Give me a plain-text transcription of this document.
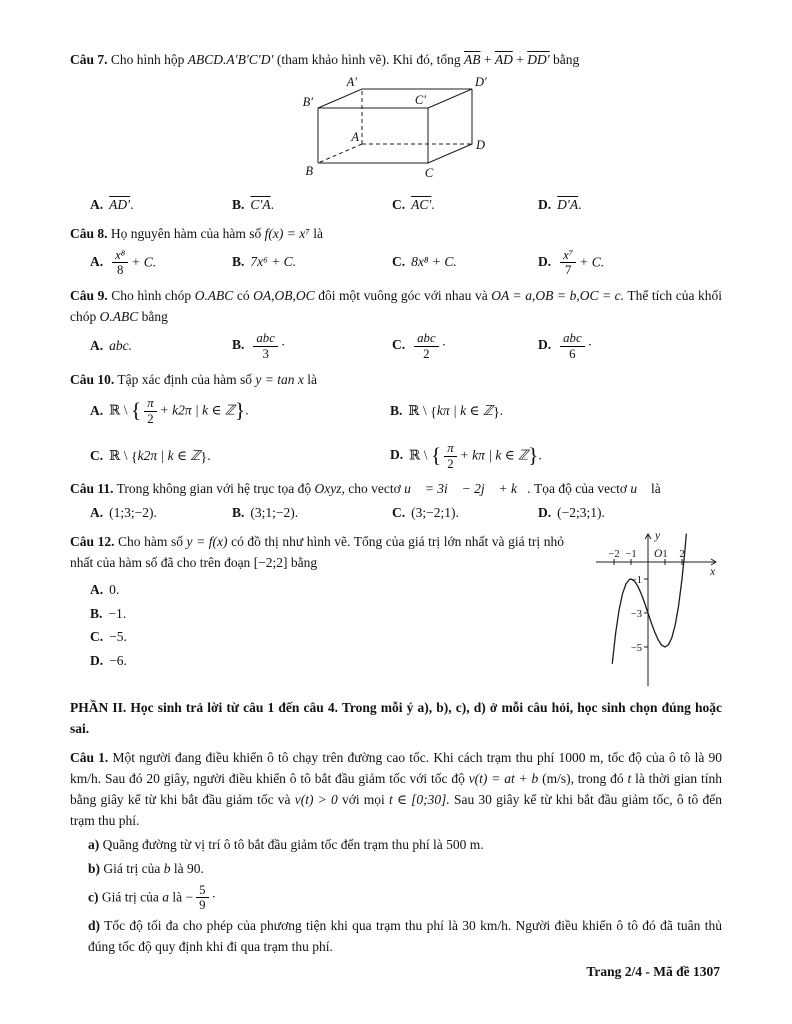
Câu 7. Cho hình hộp ABCD.A′B′C′D′ (tham khảo hình vẽ). Khi đó, tổng $\overline{AB} + \overline{AD} + DD'$ bằng

A′	D′
B′	C′
A
D
B	C
A. AD′.	B. C′A.	C. AC′.	D. D′A.

Câu 8. Họ nguyên hàm của hàm số f(x) = x⁷ là

A. $\frac{\text{x⁸}}{8} + C$.	B. 7x⁶ + C.	C. 8x⁸ + C.	D. $\frac{\text{x⁷}}{7} + C$.

Câu 9. Cho hình chóp O.ABC có OA,OB,OC đôi một vuông góc với nhau và OA = a,OB = b,OC = c. Thể tích của khối chóp O.ABC bằng

A. abc.	B. $\frac{\text{abc}}{3}$ ·	C. $\frac{\text{abc}}{2}$ ·	D. $\frac{\text{abc}}{6}$ ·

Câu 10. Tập xác định của hàm số y = tan x là

A. ℝ \ { $\frac{\pi}{2} + k2\pi$ | k ∈ ℤ}.	B. ℝ \ {kπ | k ∈ ℤ}.
C. ℝ \ {k2π | k ∈ ℤ}.	D. ℝ \ { $\frac{\pi}{2} + k\pi$ | k ∈ ℤ}.

Câu 11. Trong không gian với hệ trục tọa độ Oxyz, cho vectơ u⃗ = 3i⃗ − 2j⃗ + k⃗. Tọa độ của vectơ u⃗ là

A. (1;3;−2).	B. (3;1;−2).	C. (3;−2;1).	D. (−2;3;1).

Câu 12. Cho hàm số y = f(x) có đồ thị như hình vẽ. Tổng của giá trị lớn nhất và giá trị nhỏ nhất của hàm số đã cho trên đoạn [−2;2] bằng

A. 0.
B. −1.
C. −5.
D. −6.
y
x
−2 −1 O 1 2
−1
−3
−5

PHẦN II. Học sinh trả lời từ câu 1 đến câu 4. Trong mỗi ý a), b), c), d) ở mỗi câu hỏi, học sinh chọn đúng hoặc sai.

Câu 1. Một người đang điều khiển ô tô chạy trên đường cao tốc. Khi cách trạm thu phí 1000 m, tốc độ của ô tô là 90 km/h. Sau đó 20 giây, người điều khiển ô tô bắt đầu giảm tốc với tốc độ v(t) = at + b (m/s), trong đó t là thời gian tính bằng giây kể từ khi bắt đầu giảm tốc và v(t) > 0 với mọi t ∈ [0;30]. Sau 30 giây kể từ khi bắt đầu giảm tốc, ô tô đến trạm thu phí.

a) Quãng đường từ vị trí ô tô bắt đầu giảm tốc đến trạm thu phí là 500 m.

b) Giá trị của b là 90.

c) Giá trị của a là − $\frac{5}{9}$ ·

d) Tốc độ tối đa cho phép của phương tiện khi qua trạm thu phí là 30 km/h. Người điều khiển ô tô đó đã tuân thủ đúng tốc độ quy định khi đi qua trạm thu phí.

Trang 2/4 - Mã đề 1307
